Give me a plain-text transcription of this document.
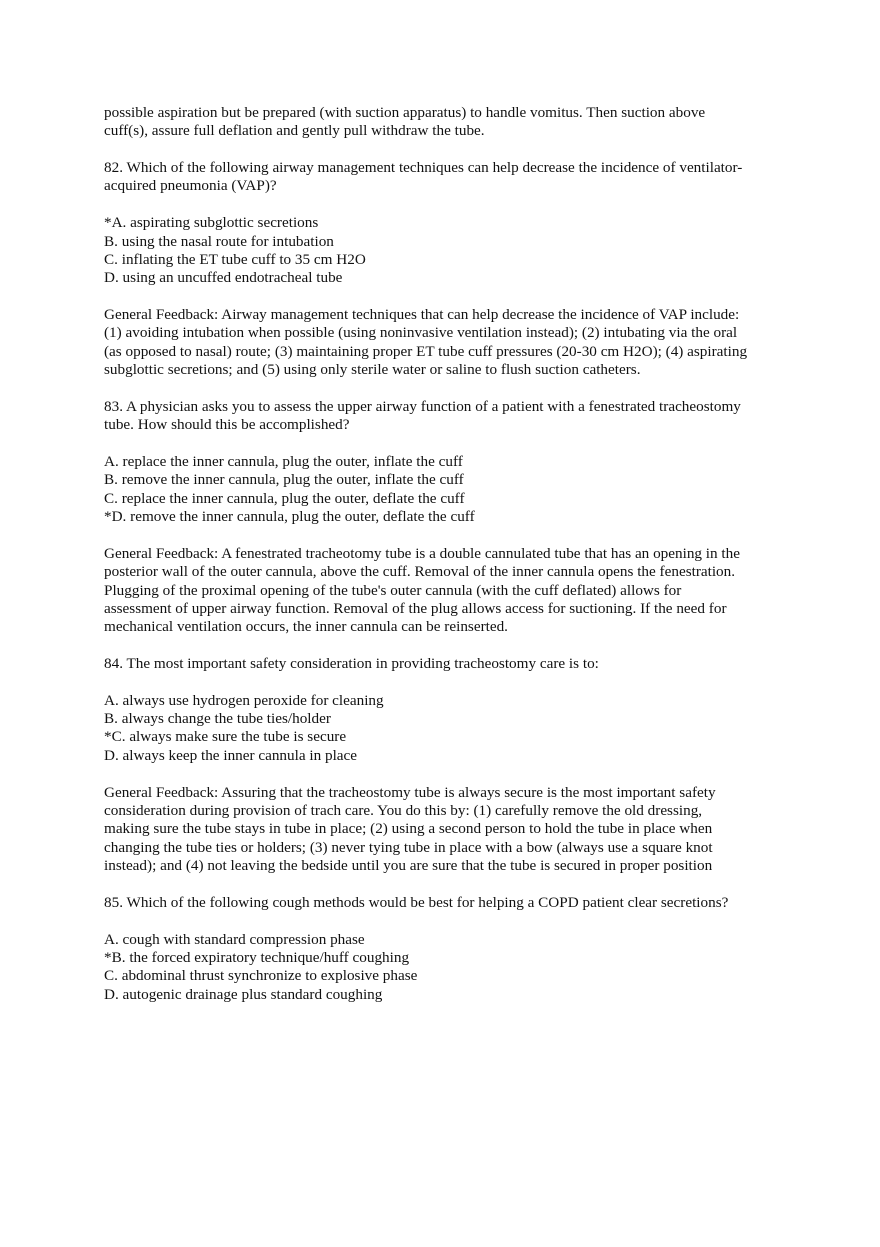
possible aspiration but be prepared (with suction apparatus) to handle vomitus. Then suction above
cuff(s), assure full deflation and gently pull withdraw the tube.

82. Which of the following airway management techniques can help decrease the incidence of ventilator-
acquired pneumonia (VAP)?

*A. aspirating subglottic secretions
B. using the nasal route for intubation
C. inflating the ET tube cuff to 35 cm H2O
D. using an uncuffed endotracheal tube

General Feedback: Airway management techniques that can help decrease the incidence of VAP include:
(1) avoiding intubation when possible (using noninvasive ventilation instead); (2) intubating via the oral
(as opposed to nasal) route; (3) maintaining proper ET tube cuff pressures (20-30 cm H2O); (4) aspirating
subglottic secretions; and (5) using only sterile water or saline to flush suction catheters.

83. A physician asks you to assess the upper airway function of a patient with a fenestrated tracheostomy
tube. How should this be accomplished?

A. replace the inner cannula, plug the outer, inflate the cuff
B. remove the inner cannula, plug the outer, inflate the cuff
C. replace the inner cannula, plug the outer, deflate the cuff
*D. remove the inner cannula, plug the outer, deflate the cuff

General Feedback: A fenestrated tracheotomy tube is a double cannulated tube that has an opening in the
posterior wall of the outer cannula, above the cuff. Removal of the inner cannula opens the fenestration.
Plugging of the proximal opening of the tube's outer cannula (with the cuff deflated) allows for
assessment of upper airway function. Removal of the plug allows access for suctioning. If the need for
mechanical ventilation occurs, the inner cannula can be reinserted.

84. The most important safety consideration in providing tracheostomy care is to:

A. always use hydrogen peroxide for cleaning
B. always change the tube ties/holder
*C. always make sure the tube is secure
D. always keep the inner cannula in place

General Feedback: Assuring that the tracheostomy tube is always secure is the most important safety
consideration during provision of trach care. You do this by: (1) carefully remove the old dressing,
making sure the tube stays in tube in place; (2) using a second person to hold the tube in place when
changing the tube ties or holders; (3) never tying tube in place with a bow (always use a square knot
instead); and (4) not leaving the bedside until you are sure that the tube is secured in proper position

85. Which of the following cough methods would be best for helping a COPD patient clear secretions?

A. cough with standard compression phase
*B. the forced expiratory technique/huff coughing
C. abdominal thrust synchronize to explosive phase
D. autogenic drainage plus standard coughing
